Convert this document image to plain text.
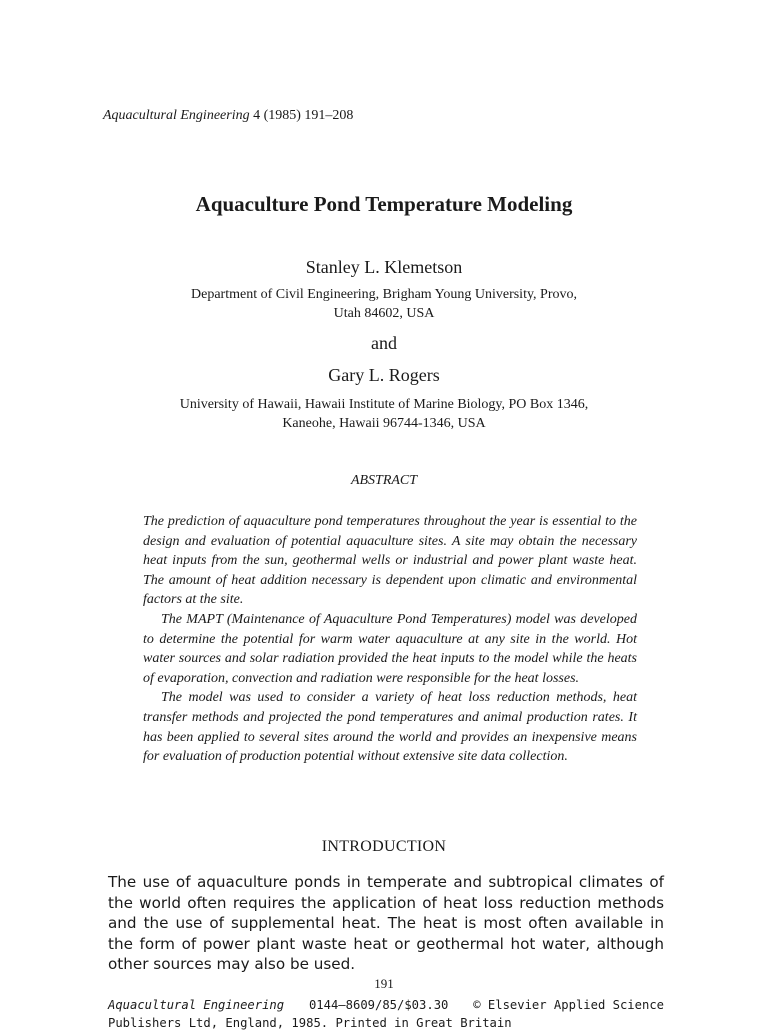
Aquacultural Engineering 4 (1985) 191–208
Aquaculture Pond Temperature Modeling
Stanley L. Klemetson
Department of Civil Engineering, Brigham Young University, Provo,
Utah 84602, USA
and
Gary L. Rogers
University of Hawaii, Hawaii Institute of Marine Biology, PO Box 1346,
Kaneohe, Hawaii 96744-1346, USA
ABSTRACT

The prediction of aquaculture pond temperatures throughout the year is essential to the design and evaluation of potential aquaculture sites. A site may obtain the necessary heat inputs from the sun, geothermal wells or industrial and power plant waste heat. The amount of heat addition necessary is dependent upon climatic and environmental factors at the site.

The MAPT (Maintenance of Aquaculture Pond Temperatures) model was developed to determine the potential for warm water aquaculture at any site in the world. Hot water sources and solar radiation provided the heat inputs to the model while the heats of evaporation, convection and radiation were responsible for the heat losses.

The model was used to consider a variety of heat loss reduction methods, heat transfer methods and projected the pond temperatures and animal production rates. It has been applied to several sites around the world and provides an inexpensive means for evaluation of production potential without extensive site data collection.

INTRODUCTION

The use of aquaculture ponds in temperate and subtropical climates of the world often requires the application of heat loss reduction methods and the use of supplemental heat. The heat is most often available in the form of power plant waste heat or geothermal hot water, although other sources may also be used.

191
Aquacultural Engineering 0144–8609/85/$03.30 © Elsevier Applied Science
Publishers Ltd, England, 1985. Printed in Great Britain
